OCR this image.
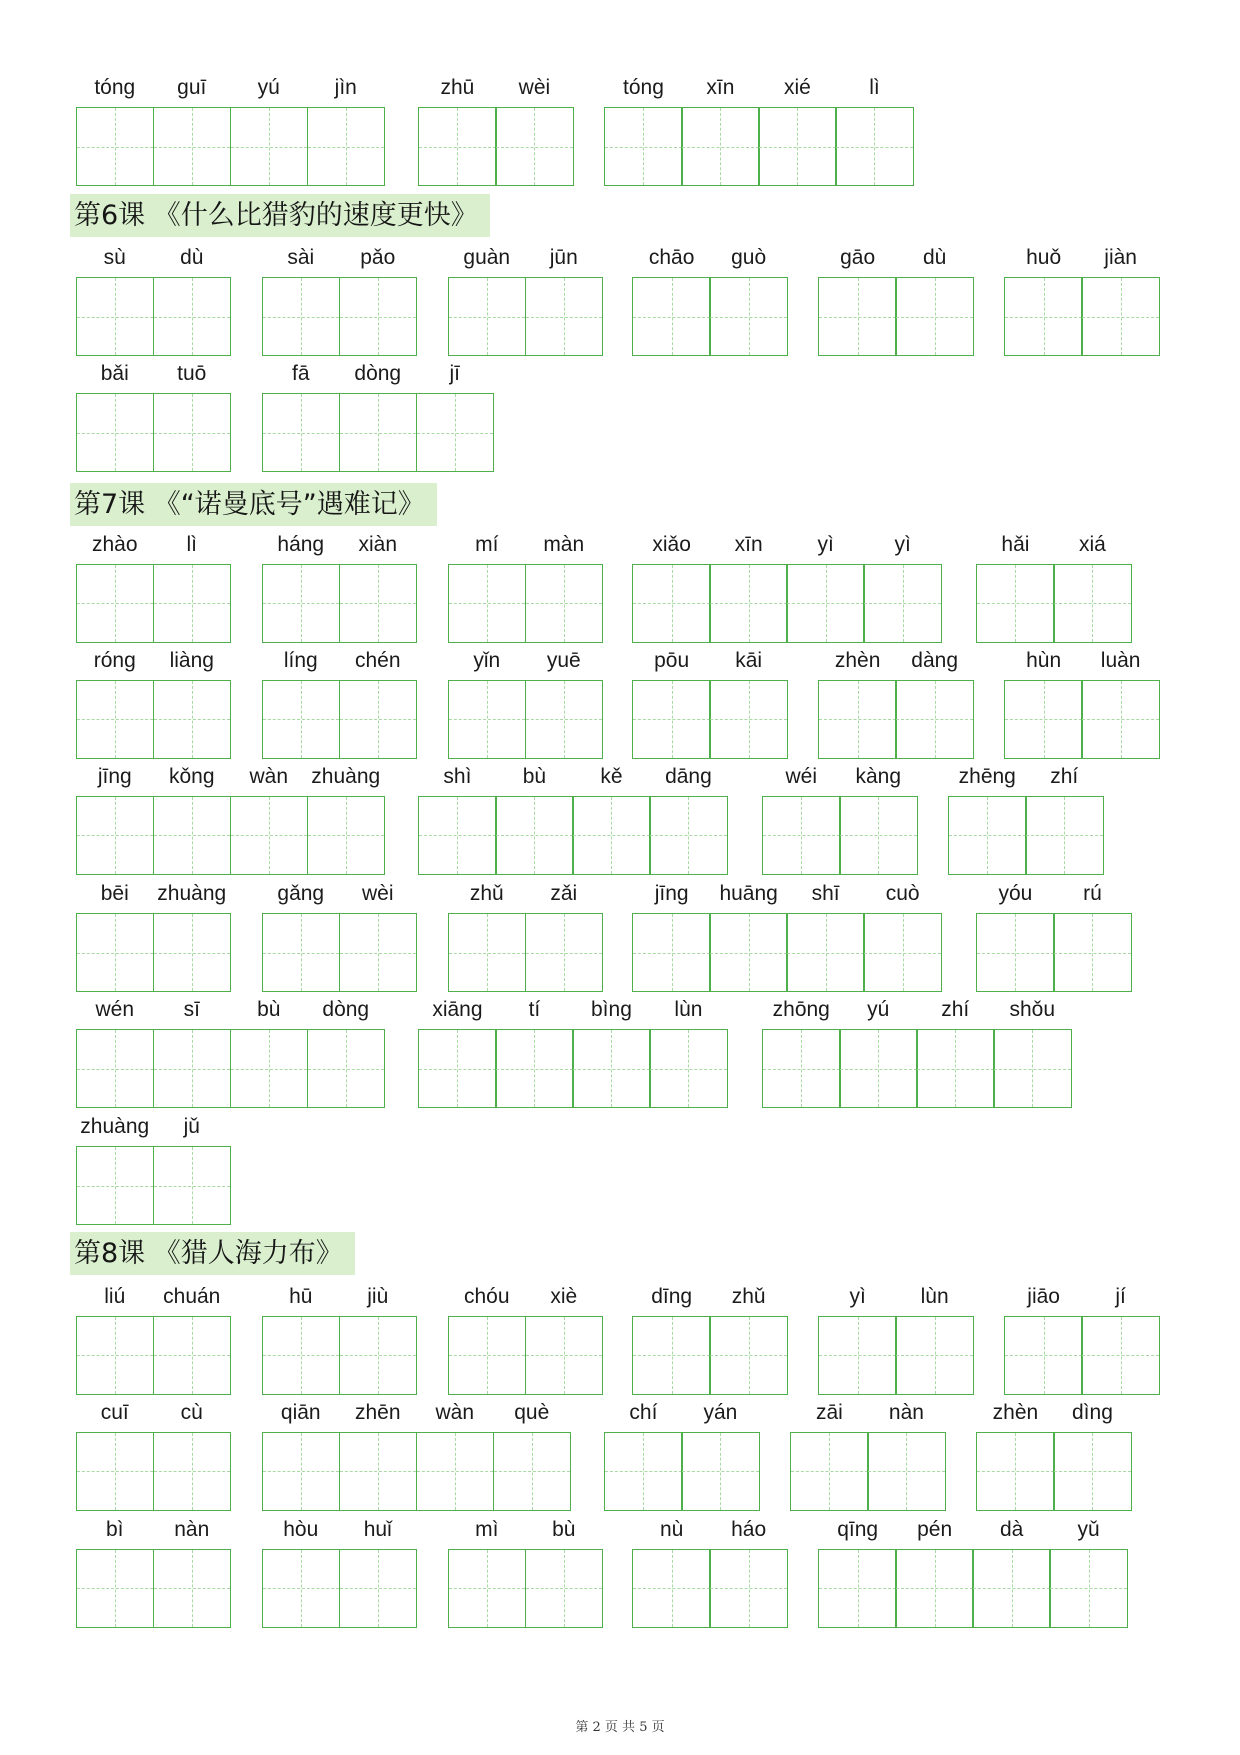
第 2 页 共 5 页
tóng	guī	yú	jìn	zhū	wèi	tóng	xīn	xié	lì
第6课 《什么比猎豹的速度更快》
sù	dù	sài	pǎo	guàn	jūn	chāo	guò	gāo	dù	huǒ	jiàn
bǎi	tuō	fā	dòng	jī
第7课 《“诺曼底号”遇难记》
zhào	lì	háng	xiàn	mí	màn	xiǎo	xīn	yì	yì	hǎi	xiá
róng	liàng	líng	chén	yǐn	yuē	pōu	kāi	zhèn	dàng	hùn	luàn
jīng	kǒng	wàn	zhuàng	shì	bù	kě	dāng	wéi	kàng	zhēng	zhí
bēi	zhuàng	gǎng	wèi	zhǔ	zǎi	jīng	huāng	shī	cuò	yóu	rú
wén	sī	bù	dòng	xiāng	tí	bìng	lùn	zhōng	yú	zhí	shǒu
zhuàng	jǔ
第8课 《猎人海力布》
liú	chuán	hū	jiù	chóu	xiè	dīng	zhǔ	yì	lùn	jiāo	jí
cuī	cù	qiān	zhēn	wàn	què	chí	yán	zāi	nàn	zhèn	dìng
bì	nàn	hòu	huǐ	mì	bù	nù	háo	qīng	pén	dà	yǔ
